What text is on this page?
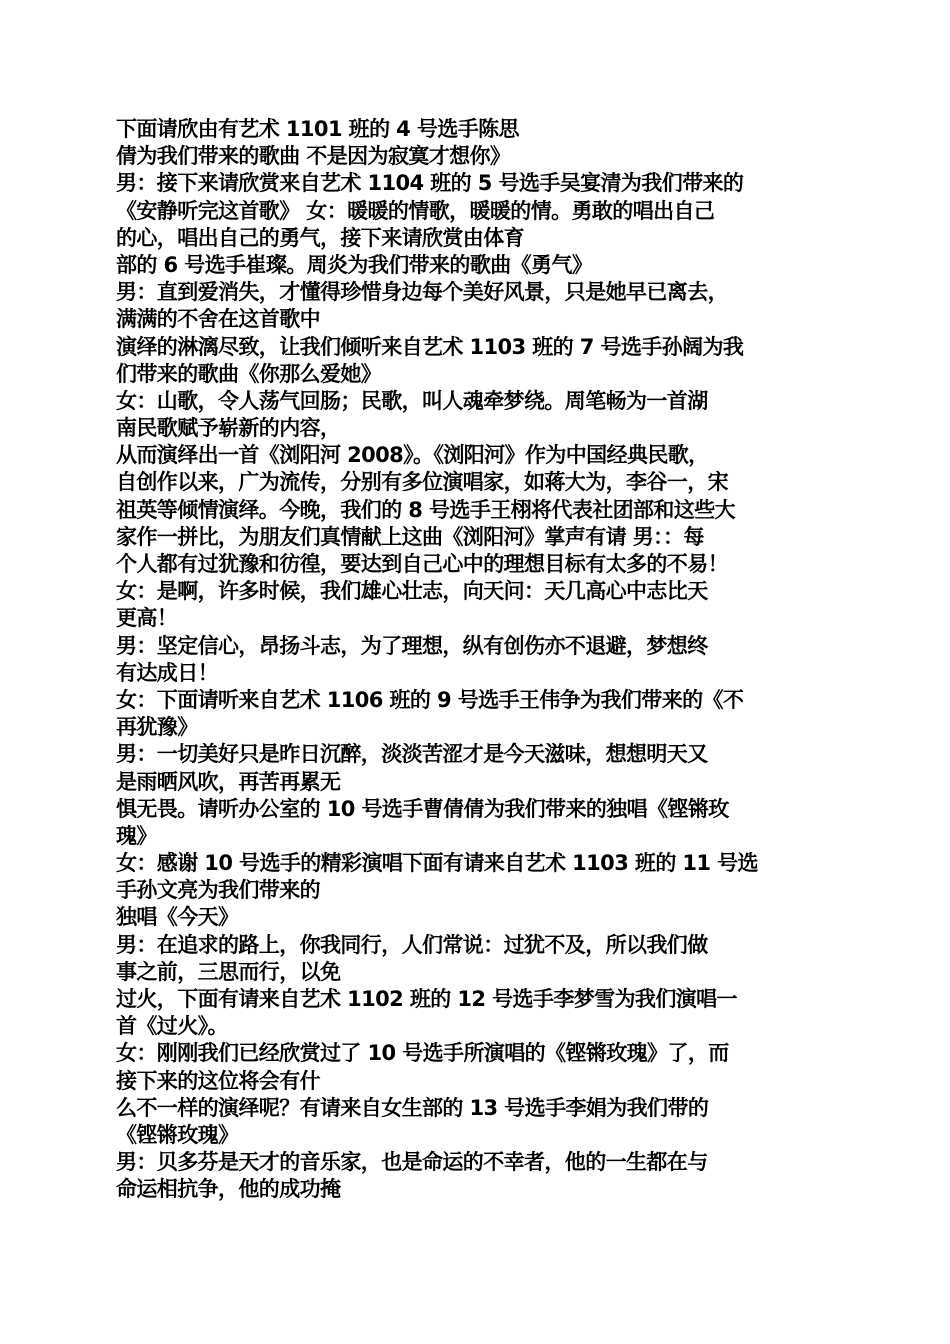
下面请欣由有艺术 1101 班的 4 号选手陈思
倩为我们带来的歌曲 不是因为寂寞才想你》
男：接下来请欣赏来自艺术 1104 班的 5 号选手吴宴清为我们带来的
《安静听完这首歌》 女：暖暖的情歌，暖暖的情。勇敢的唱出自己
的心，唱出自己的勇气，接下来请欣赏由体育
部的 6 号选手崔璨。周炎为我们带来的歌曲《勇气》
男：直到爱消失，才懂得珍惜身边每个美好风景，只是她早已离去，
满满的不舍在这首歌中
演绎的淋漓尽致，让我们倾听来自艺术 1103 班的 7 号选手孙阔为我
们带来的歌曲《你那么爱她》
女：山歌，令人荡气回肠；民歌，叫人魂牵梦绕。周笔畅为一首湖
南民歌赋予崭新的内容，
从而演绎出一首《浏阳河 2008》。《浏阳河》作为中国经典民歌，
自创作以来，广为流传，分别有多位演唱家，如蒋大为，李谷一，宋
祖英等倾情演绎。今晚，我们的 8 号选手王栩将代表社团部和这些大
家作一拼比，为朋友们真情献上这曲《浏阳河》掌声有请 男：：每
个人都有过犹豫和彷徨，要达到自己心中的理想目标有太多的不易！
女：是啊，许多时候，我们雄心壮志，向天问：天几高心中志比天
更高！
男：坚定信心，昂扬斗志，为了理想，纵有创伤亦不退避，梦想终
有达成日！
女：下面请听来自艺术 1106 班的 9 号选手王伟争为我们带来的《不
再犹豫》
男：一切美好只是昨日沉醉，淡淡苦涩才是今天滋味，想想明天又
是雨晒风吹，再苦再累无
惧无畏。请听办公室的 10 号选手曹倩倩为我们带来的独唱《铿锵玫
瑰》
女：感谢 10 号选手的精彩演唱下面有请来自艺术 1103 班的 11 号选
手孙文亮为我们带来的
独唱《今天》
男：在追求的路上，你我同行，人们常说：过犹不及，所以我们做
事之前，三思而行，以免
过火，下面有请来自艺术 1102 班的 12 号选手李梦雪为我们演唱一
首《过火》。
女：刚刚我们已经欣赏过了 10 号选手所演唱的《铿锵玫瑰》了，而
接下来的这位将会有什
么不一样的演绎呢？有请来自女生部的 13 号选手李娟为我们带的
《铿锵玫瑰》
男：贝多芬是天才的音乐家，也是命运的不幸者，他的一生都在与
命运相抗争，他的成功掩
